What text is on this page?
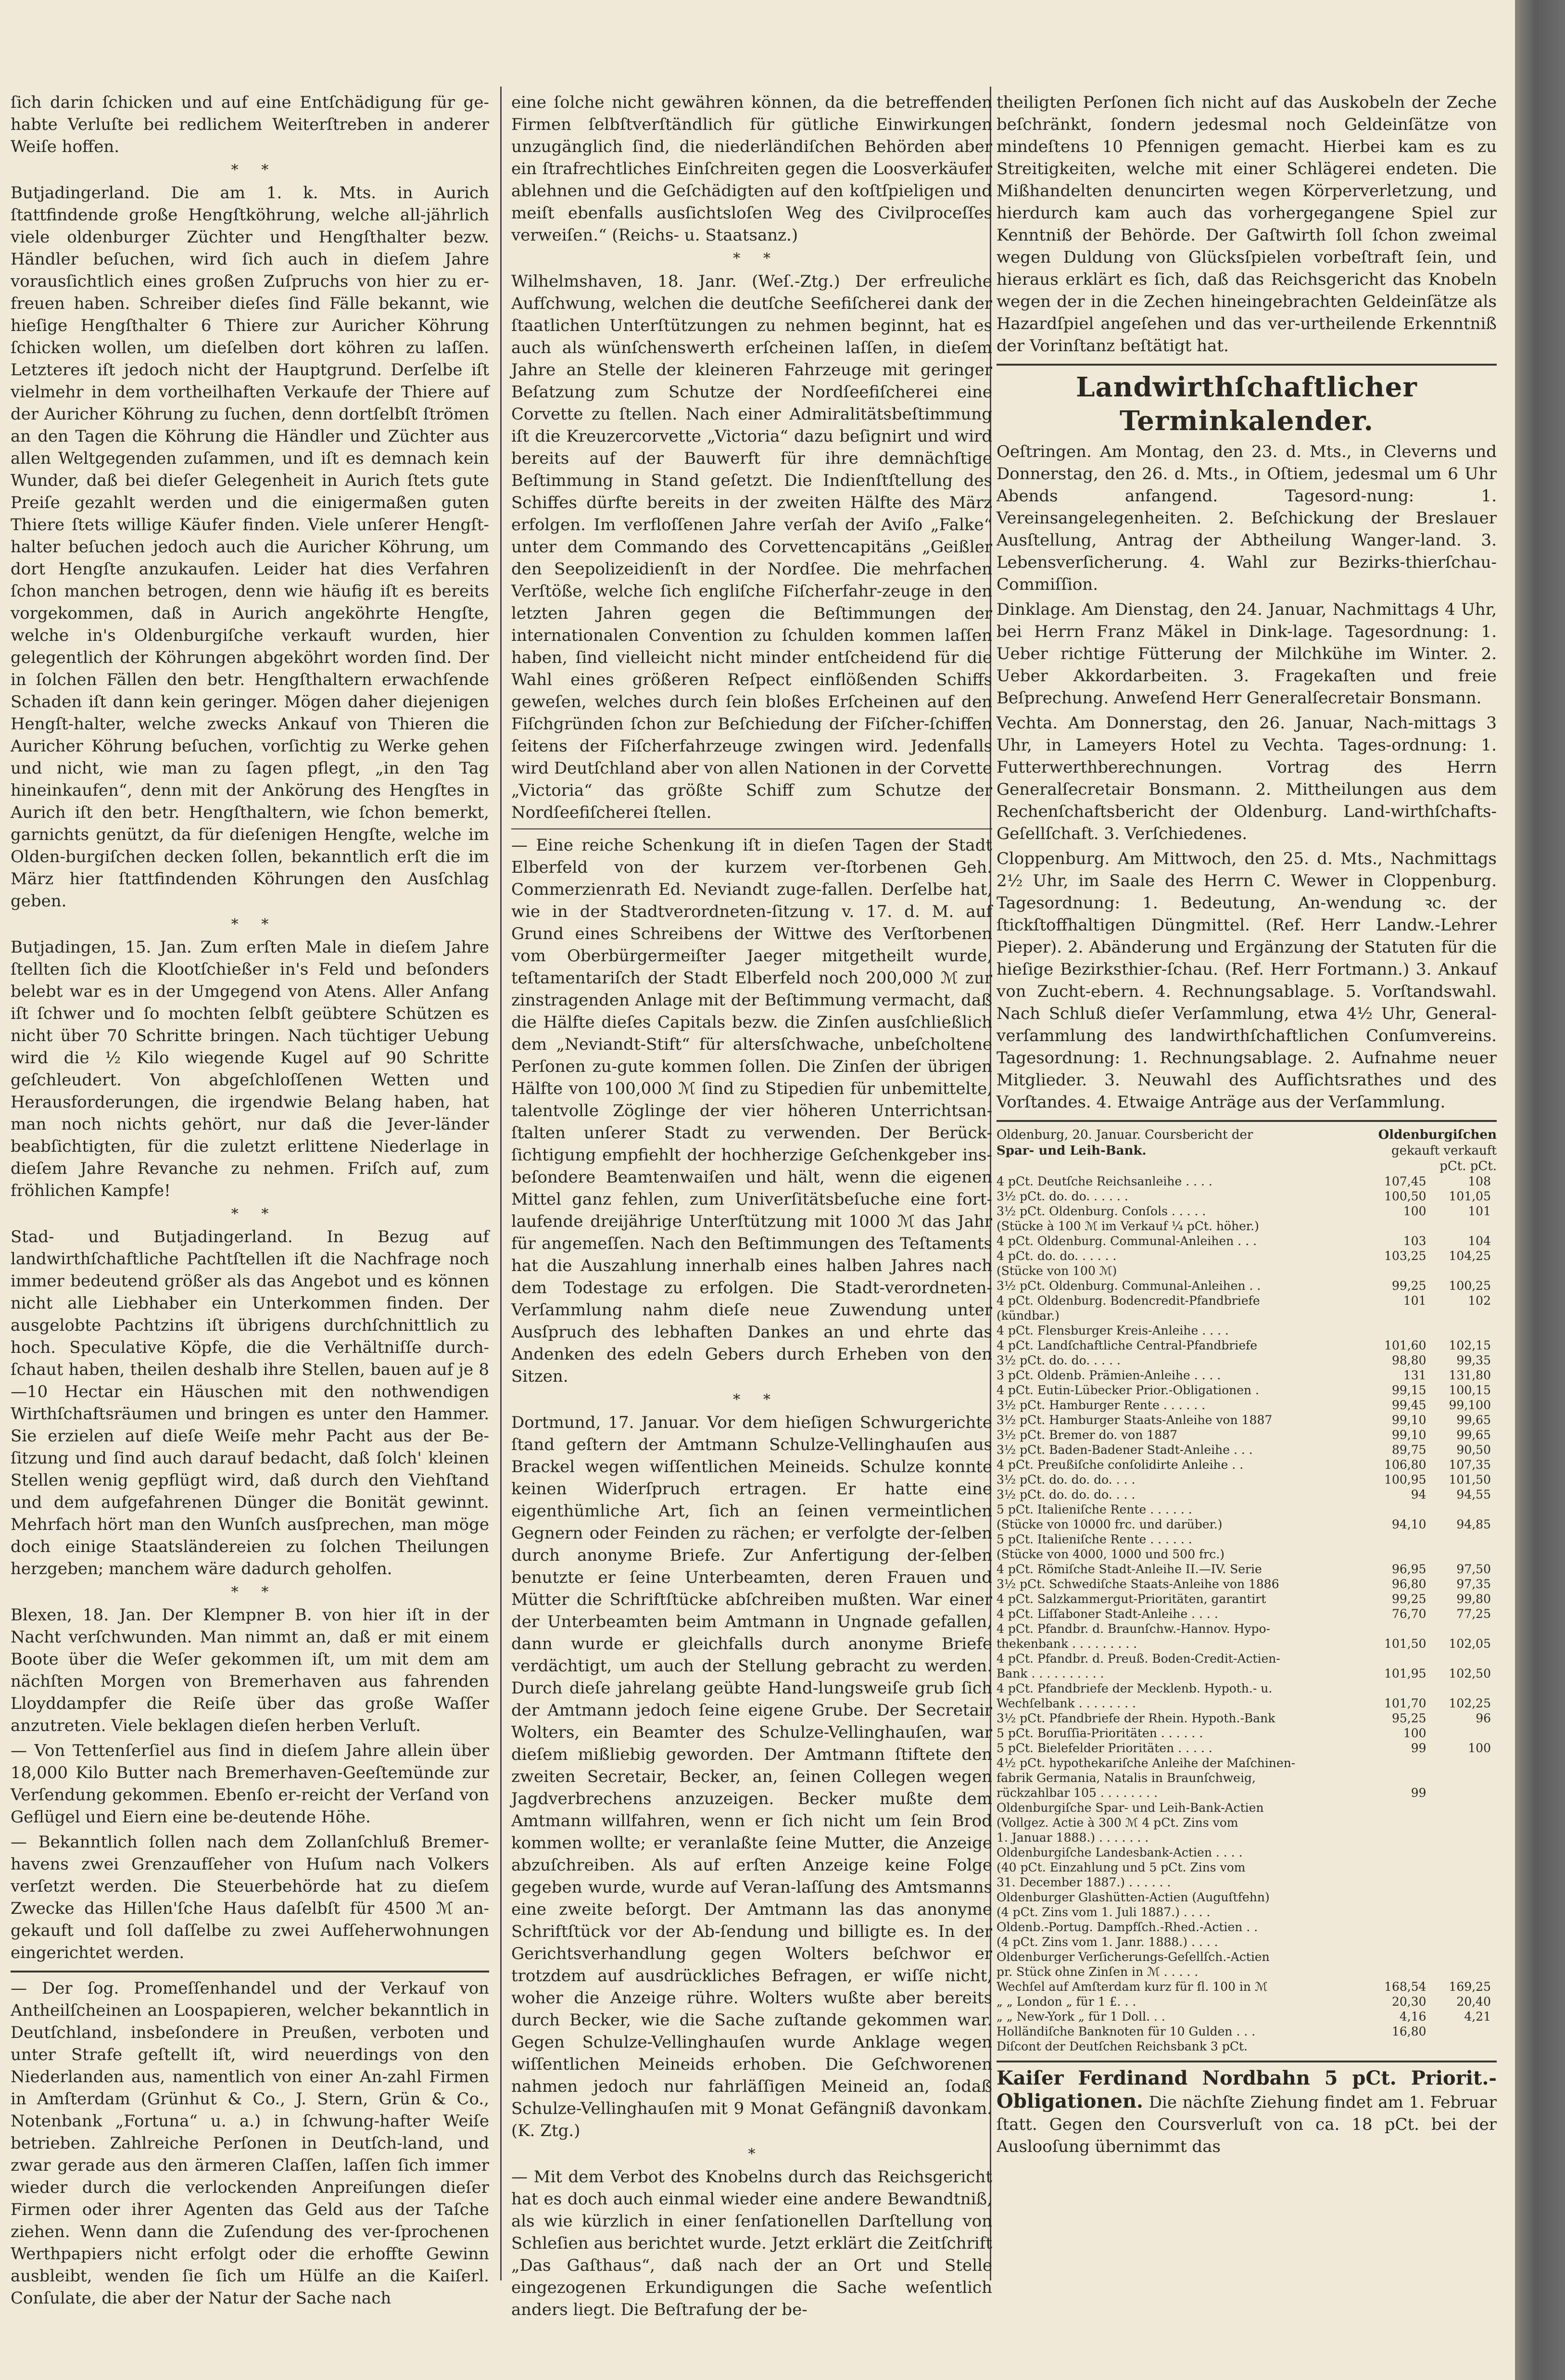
ſich darin ſchicken und auf eine Entſchädigung für ge-habte Verluſte bei redlichem Weiterſtreben in anderer Weiſe hoffen.

*     *

Butjadingerland. Die am 1. k. Mts. in Aurich ſtattfindende große Hengſtköhrung, welche all-jährlich viele oldenburger Züchter und Hengſthalter bezw. Händler beſuchen, wird ſich auch in dieſem Jahre vorausſichtlich eines großen Zuſpruchs von hier zu er-freuen haben. Schreiber dieſes ſind Fälle bekannt, wie hieſige Hengſthalter 6 Thiere zur Auricher Köhrung ſchicken wollen, um dieſelben dort köhren zu laſſen. Letzteres iſt jedoch nicht der Hauptgrund. Derſelbe iſt vielmehr in dem vortheilhaften Verkaufe der Thiere auf der Auricher Köhrung zu ſuchen, denn dortſelbſt ſtrömen an den Tagen die Köhrung die Händler und Züchter aus allen Weltgegenden zuſammen, und iſt es demnach kein Wunder, daß bei dieſer Gelegenheit in Aurich ſtets gute Preiſe gezahlt werden und die einigermaßen guten Thiere ſtets willige Käufer finden. Viele unſerer Hengſt-halter beſuchen jedoch auch die Auricher Köhrung, um dort Hengſte anzukaufen. Leider hat dies Verfahren ſchon manchen betrogen, denn wie häufig iſt es bereits vorgekommen, daß in Aurich angeköhrte Hengſte, welche in's Oldenburgiſche verkauft wurden, hier gelegentlich der Köhrungen abgeköhrt worden ſind. Der in ſolchen Fällen den betr. Hengſthaltern erwachſende Schaden iſt dann kein geringer. Mögen daher diejenigen Hengſt-halter, welche zwecks Ankauf von Thieren die Auricher Köhrung beſuchen, vorſichtig zu Werke gehen und nicht, wie man zu ſagen pflegt, „in den Tag hineinkaufen“, denn mit der Ankörung des Hengſtes in Aurich iſt den betr. Hengſthaltern, wie ſchon bemerkt, garnichts genützt, da für dieſenigen Hengſte, welche im Olden-burgiſchen decken ſollen, bekanntlich erſt die im März hier ſtattfindenden Köhrungen den Ausſchlag geben.

*     *

Butjadingen, 15. Jan. Zum erſten Male in dieſem Jahre ſtellten ſich die Klootſchießer in's Feld und beſonders belebt war es in der Umgegend von Atens. Aller Anfang iſt ſchwer und ſo mochten ſelbſt geübtere Schützen es nicht über 70 Schritte bringen. Nach tüchtiger Uebung wird die ½ Kilo wiegende Kugel auf 90 Schritte geſchleudert. Von abgeſchloſſenen Wetten und Herausforderungen, die irgendwie Belang haben, hat man noch nichts gehört, nur daß die Jever-länder beabſichtigten, für die zuletzt erlittene Niederlage in dieſem Jahre Revanche zu nehmen. Friſch auf, zum fröhlichen Kampfe!

*     *

Stad- und Butjadingerland. In Bezug auf landwirthſchaftliche Pachtſtellen iſt die Nachfrage noch immer bedeutend größer als das Angebot und es können nicht alle Liebhaber ein Unterkommen finden. Der ausgelobte Pachtzins iſt übrigens durchſchnittlich zu hoch. Speculative Köpfe, die die Verhältniſſe durch-ſchaut haben, theilen deshalb ihre Stellen, bauen auf je 8—10 Hectar ein Häuschen mit den nothwendigen Wirthſchaftsräumen und bringen es unter den Hammer. Sie erzielen auf dieſe Weiſe mehr Pacht aus der Be-ſitzung und ſind auch darauf bedacht, daß ſolch' kleinen Stellen wenig gepflügt wird, daß durch den Viehſtand und dem aufgefahrenen Dünger die Bonität gewinnt. Mehrfach hört man den Wunſch ausſprechen, man möge doch einige Staatsländereien zu ſolchen Theilungen herzgeben; manchem wäre dadurch geholfen.

*     *

Blexen, 18. Jan. Der Klempner B. von hier iſt in der Nacht verſchwunden. Man nimmt an, daß er mit einem Boote über die Weſer gekommen iſt, um mit dem am nächſten Morgen von Bremerhaven aus fahrenden Lloyddampfer die Reiſe über das große Waſſer anzutreten. Viele beklagen dieſen herben Verluſt.

— Von Tettenſerſiel aus ſind in dieſem Jahre allein über 18,000 Kilo Butter nach Bremerhaven-Geeſtemünde zur Verſendung gekommen. Ebenſo er-reicht der Verſand von Geflügel und Eiern eine be-deutende Höhe.

— Bekanntlich ſollen nach dem Zollanſchluß Bremer-havens zwei Grenzaufſeher von Huſum nach Volkers verſetzt werden. Die Steuerbehörde hat zu dieſem Zwecke das Hillen'ſche Haus daſelbſt für 4500 ℳ an-gekauft und ſoll daſſelbe zu zwei Aufſeherwohnungen eingerichtet werden.

— Der ſog. Promeſſenhandel und der Verkauf von Antheilſcheinen an Loospapieren, welcher bekanntlich in Deutſchland, insbeſondere in Preußen, verboten und unter Strafe geſtellt iſt, wird neuerdings von den Niederlanden aus, namentlich von einer An-zahl Firmen in Amſterdam (Grünhut & Co., J. Stern, Grün & Co., Notenbank „Fortuna“ u. a.) in ſchwung-hafter Weiſe betrieben. Zahlreiche Perſonen in Deutſch-land, und zwar gerade aus den ärmeren Claſſen, laſſen ſich immer wieder durch die verlockenden Anpreiſungen dieſer Firmen oder ihrer Agenten das Geld aus der Taſche ziehen. Wenn dann die Zuſendung des ver-ſprochenen Werthpapiers nicht erfolgt oder die erhoffte Gewinn ausbleibt, wenden ſie ſich um Hülfe an die Kaiſerl. Conſulate, die aber der Natur der Sache nach

eine ſolche nicht gewähren können, da die betreffenden Firmen ſelbſtverſtändlich für gütliche Einwirkungen unzugänglich ſind, die niederländiſchen Behörden aber ein ſtrafrechtliches Einſchreiten gegen die Loosverkäufer ablehnen und die Geſchädigten auf den koſtſpieligen und meiſt ebenfalls ausſichtsloſen Weg des Civilproceſſes verweiſen.“ (Reichs- u. Staatsanz.)

*     *

Wilhelmshaven, 18. Janr. (Weſ.-Ztg.) Der erfreuliche Aufſchwung, welchen die deutſche Seefiſcherei dank der ſtaatlichen Unterſtützungen zu nehmen beginnt, hat es auch als wünſchenswerth erſcheinen laſſen, in dieſem Jahre an Stelle der kleineren Fahrzeuge mit geringer Beſatzung zum Schutze der Nordſeefiſcherei eine Corvette zu ſtellen. Nach einer Admiralitätsbeſtimmung iſt die Kreuzercorvette „Victoria“ dazu beſignirt und wird bereits auf der Bauwerft für ihre demnächſtige Beſtimmung in Stand geſetzt. Die Indienſtſtellung des Schiffes dürfte bereits in der zweiten Hälfte des März erfolgen. Im verfloſſenen Jahre verſah der Aviſo „Falke“ unter dem Commando des Corvettencapitäns „Geißler den Seepolizeidienſt in der Nordſee. Die mehrfachen Verſtöße, welche ſich engliſche Fiſcherfahr-zeuge in den letzten Jahren gegen die Beſtimmungen der internationalen Convention zu ſchulden kommen laſſen haben, ſind vielleicht nicht minder entſcheidend für die Wahl eines größeren Reſpect einflößenden Schiffs geweſen, welches durch ſein bloßes Erſcheinen auf den Fiſchgründen ſchon zur Beſchiedung der Fiſcher-ſchiffen ſeitens der Fiſcherfahrzeuge zwingen wird. Jedenfalls wird Deutſchland aber von allen Nationen in der Corvette „Victoria“ das größte Schiff zum Schutze der Nordſeefiſcherei ſtellen.

— Eine reiche Schenkung iſt in dieſen Tagen der Stadt Elberfeld von der kurzem ver-ſtorbenen Geh. Commerzienrath Ed. Neviandt zuge-fallen. Derſelbe hat, wie in der Stadtverordneten-ſitzung v. 17. d. M. auf Grund eines Schreibens der Wittwe des Verſtorbenen vom Oberbürgermeiſter Jaeger mitgetheilt wurde, teſtamentariſch der Stadt Elberfeld noch 200,000 ℳ zur zinstragenden Anlage mit der Beſtimmung vermacht, daß die Hälfte dieſes Capitals bezw. die Zinſen ausſchließlich dem „Neviandt-Stift“ für altersſchwache, unbeſcholtene Perſonen zu-gute kommen ſollen. Die Zinſen der übrigen Hälfte von 100,000 ℳ ſind zu Stipedien für unbemittelte, talentvolle Zöglinge der vier höheren Unterrichtsan-ſtalten unſerer Stadt zu verwenden. Der Berück-ſichtigung empfiehlt der hochherzige Geſchenkgeber ins-beſondere Beamtenwaiſen und hält, wenn die eigenen Mittel ganz fehlen, zum Univerſitätsbeſuche eine fort-laufende dreijährige Unterſtützung mit 1000 ℳ das Jahr für angemeſſen. Nach den Beſtimmungen des Teſtaments hat die Auszahlung innerhalb eines halben Jahres nach dem Todestage zu erfolgen. Die Stadt-verordneten-Verſammlung nahm dieſe neue Zuwendung unter Ausſpruch des lebhaften Dankes an und ehrte das Andenken des edeln Gebers durch Erheben von den Sitzen.

*     *

Dortmund, 17. Januar. Vor dem hieſigen Schwurgerichte ſtand geſtern der Amtmann Schulze-Vellinghauſen aus Brackel wegen wiſſentlichen Meineids. Schulze konnte keinen Widerſpruch ertragen. Er hatte eine eigenthümliche Art, ſich an ſeinen vermeintlichen Gegnern oder Feinden zu rächen; er verfolgte der-ſelben durch anonyme Briefe. Zur Anfertigung der-ſelben benutzte er ſeine Unterbeamten, deren Frauen und Mütter die Schriftſtücke abſchreiben mußten. War einer der Unterbeamten beim Amtmann in Ungnade gefallen, dann wurde er gleichfalls durch anonyme Briefe verdächtigt, um auch der Stellung gebracht zu werden. Durch dieſe jahrelang geübte Hand-lungsweiſe grub ſich der Amtmann jedoch ſeine eigene Grube. Der Secretair Wolters, ein Beamter des Schulze-Vellinghauſen, war dieſem mißliebig geworden. Der Amtmann ſtiftete den zweiten Secretair, Becker, an, ſeinen Collegen wegen Jagdverbrechens anzuzeigen. Becker mußte dem Amtmann willfahren, wenn er ſich nicht um ſein Brod kommen wollte; er veranlaßte ſeine Mutter, die Anzeige abzuſchreiben. Als auf erſten Anzeige keine Folge gegeben wurde, wurde auf Veran-laſſung des Amtsmanns eine zweite beſorgt. Der Amtmann las das anonyme Schriftſtück vor der Ab-ſendung und billigte es. In der Gerichtsverhandlung gegen Wolters beſchwor er trotzdem auf ausdrückliches Befragen, er wiſſe nicht, woher die Anzeige rühre. Wolters wußte aber bereits durch Becker, wie die Sache zuſtande gekommen war. Gegen Schulze-Vellinghauſen wurde Anklage wegen wiſſentlichen Meineids erhoben. Die Geſchworenen nahmen jedoch nur fahrläſſigen Meineid an, ſodaß Schulze-Vellinghauſen mit 9 Monat Gefängniß davonkam. (K. Ztg.)

*

— Mit dem Verbot des Knobelns durch das Reichsgericht hat es doch auch einmal wieder eine andere Bewandtniß, als wie kürzlich in einer ſenſationellen Darſtellung von Schleſien aus berichtet wurde. Jetzt erklärt die Zeitſchrift „Das Gaſthaus“, daß nach der an Ort und Stelle eingezogenen Erkundigungen die Sache weſentlich anders liegt. Die Beſtrafung der be-

theiligten Perſonen ſich nicht auf das Auskobeln der Zeche beſchränkt, ſondern jedesmal noch Geldeinſätze von mindeſtens 10 Pfennigen gemacht. Hierbei kam es zu Streitigkeiten, welche mit einer Schlägerei endeten. Die Mißhandelten denuncirten wegen Körperverletzung, und hierdurch kam auch das vorhergegangene Spiel zur Kenntniß der Behörde. Der Gaſtwirth ſoll ſchon zweimal wegen Duldung von Glücksſpielen vorbeſtraft ſein, und hieraus erklärt es ſich, daß das Reichsgericht das Knobeln wegen der in die Zechen hineingebrachten Geldeinſätze als Hazardſpiel angeſehen und das ver-urtheilende Erkenntniß der Vorinſtanz beſtätigt hat.

Landwirthſchaftlicher Terminkalender.

Oeſtringen. Am Montag, den 23. d. Mts., in Cleverns und Donnerstag, den 26. d. Mts., in Oſtiem, jedesmal um 6 Uhr Abends anfangend. Tagesord-nung: 1. Vereinsangelegenheiten. 2. Beſchickung der Breslauer Ausſtellung, Antrag der Abtheilung Wanger-land. 3. Lebensverſicherung. 4. Wahl zur Bezirks-thierſchau-Commiſſion.

Dinklage. Am Dienstag, den 24. Januar, Nachmittags 4 Uhr, bei Herrn Franz Mäkel in Dink-lage. Tagesordnung: 1. Ueber richtige Fütterung der Milchkühe im Winter. 2. Ueber Akkordarbeiten. 3. Fragekaſten und freie Beſprechung. Anweſend Herr Generalſecretair Bonsmann.

Vechta. Am Donnerstag, den 26. Januar, Nach-mittags 3 Uhr, in Lameyers Hotel zu Vechta. Tages-ordnung: 1. Futterwerthberechnungen. Vortrag des Herrn Generalſecretair Bonsmann. 2. Mittheilungen aus dem Rechenſchaftsbericht der Oldenburg. Land-wirthſchafts-Geſellſchaft. 3. Verſchiedenes.

Cloppenburg. Am Mittwoch, den 25. d. Mts., Nachmittags 2½ Uhr, im Saale des Herrn C. Wewer in Cloppenburg. Tagesordnung: 1. Bedeutung, An-wendung ꝛc. der ſtickſtoffhaltigen Düngmittel. (Ref. Herr Landw.-Lehrer Pieper). 2. Abänderung und Ergänzung der Statuten für die hieſige Bezirksthier-ſchau. (Ref. Herr Fortmann.) 3. Ankauf von Zucht-ebern. 4. Rechnungsablage. 5. Vorſtandswahl. Nach Schluß dieſer Verſammlung, etwa 4½ Uhr, General-verſammlung des landwirthſchaftlichen Conſumvereins. Tagesordnung: 1. Rechnungsablage. 2. Aufnahme neuer Mitglieder. 3. Neuwahl des Aufſichtsrathes und des Vorſtandes. 4. Etwaige Anträge aus der Verſammlung.

Oldenburg, 20. Januar. Coursbericht der	Oldenburgiſchen
Spar- und Leih-Bank.	gekauft verkauft
pCt. pCt.
4 pCt. Deutſche Reichsanleihe . . . .	107,45	108
3½ pCt. do. do. . . . . .	100,50	101,05
3½ pCt. Oldenburg. Conſols . . . . .	100	101
(Stücke à 100 ℳ im Verkauf ¼ pCt. höher.)		
4 pCt. Oldenburg. Communal-Anleihen . . .	103	104
4 pCt. do. do. . . . . .	103,25	104,25
(Stücke von 100 ℳ)		
3½ pCt. Oldenburg. Communal-Anleihen . .	99,25	100,25
4 pCt. Oldenburg. Bodencredit-Pfandbriefe	101	102
(kündbar.)		
4 pCt. Flensburger Kreis-Anleihe . . . .		
4 pCt. Landſchaftliche Central-Pfandbriefe	101,60	102,15
3½ pCt. do. do. . . . .	98,80	99,35
3 pCt. Oldenb. Prämien-Anleihe . . . .	131	131,80
4 pCt. Eutin-Lübecker Prior.-Obligationen .	99,15	100,15
3½ pCt. Hamburger Rente . . . . . .	99,45	99,100
3½ pCt. Hamburger Staats-Anleihe von 1887	99,10	99,65
3½ pCt. Bremer do. von 1887	99,10	99,65
3½ pCt. Baden-Badener Stadt-Anleihe . . .	89,75	90,50
4 pCt. Preußiſche conſolidirte Anleihe . .	106,80	107,35
3½ pCt. do. do. do. . . .	100,95	101,50
3½ pCt. do. do. do. . . .	94	94,55
5 pCt. Italieniſche Rente . . . . . .		
(Stücke von 10000 frc. und darüber.)	94,10	94,85
5 pCt. Italieniſche Rente . . . . . .		
(Stücke von 4000, 1000 und 500 frc.)		
4 pCt. Römiſche Stadt-Anleihe II.—IV. Serie	96,95	97,50
3½ pCt. Schwediſche Staats-Anleihe von 1886	96,80	97,35
4 pCt. Salzkammergut-Prioritäten, garantirt	99,25	99,80
4 pCt. Liſſaboner Stadt-Anleihe . . . .	76,70	77,25
4 pCt. Pfandbr. d. Braunſchw.-Hannov. Hypo-		
thekenbank . . . . . . . . .	101,50	102,05
4 pCt. Pfandbr. d. Preuß. Boden-Credit-Actien-		
Bank . . . . . . . . . .	101,95	102,50
4 pCt. Pfandbriefe der Mecklenb. Hypoth.- u.		
Wechſelbank . . . . . . . .	101,70	102,25
3½ pCt. Pfandbriefe der Rhein. Hypoth.-Bank	95,25	96
5 pCt. Boruſſia-Prioritäten . . . . . .	100	
5 pCt. Bielefelder Prioritäten . . . . .	99	100
4½ pCt. hypothekariſche Anleihe der Maſchinen-		
fabrik Germania, Natalis in Braunſchweig,		
rückzahlbar 105 . . . . . . . .	99	
Oldenburgiſche Spar- und Leih-Bank-Actien		
(Vollgez. Actie à 300 ℳ 4 pCt. Zins vom		
1. Januar 1888.) . . . . . . .		
Oldenburgiſche Landesbank-Actien . . . .		
(40 pCt. Einzahlung und 5 pCt. Zins vom		
31. December 1887.) . . . . . .		
Oldenburger Glashütten-Actien (Auguſtfehn)		
(4 pCt. Zins vom 1. Juli 1887.) . . . .		
Oldenb.-Portug. Dampfſch.-Rhed.-Actien . .		
(4 pCt. Zins vom 1. Janr. 1888.) . . . .		
Oldenburger Verſicherungs-Geſellſch.-Actien		
pr. Stück ohne Zinſen in ℳ . . . . .		
Wechſel auf Amſterdam kurz für fl. 100 in ℳ	168,54	169,25
„ „ London „ für 1 £. . .	20,30	20,40
„ „ New-York „ für 1 Doll. . .	4,16	4,21
Holländiſche Banknoten für 10 Gulden . . .	16,80	
Diſcont der Deutſchen Reichsbank 3 pCt.		
Kaiſer Ferdinand Nordbahn 5 pCt. Priorit.-Obligationen. Die nächſte Ziehung findet am 1. Februar ſtatt. Gegen den Coursverluſt von ca. 18 pCt. bei der Auslooſung übernimmt das
